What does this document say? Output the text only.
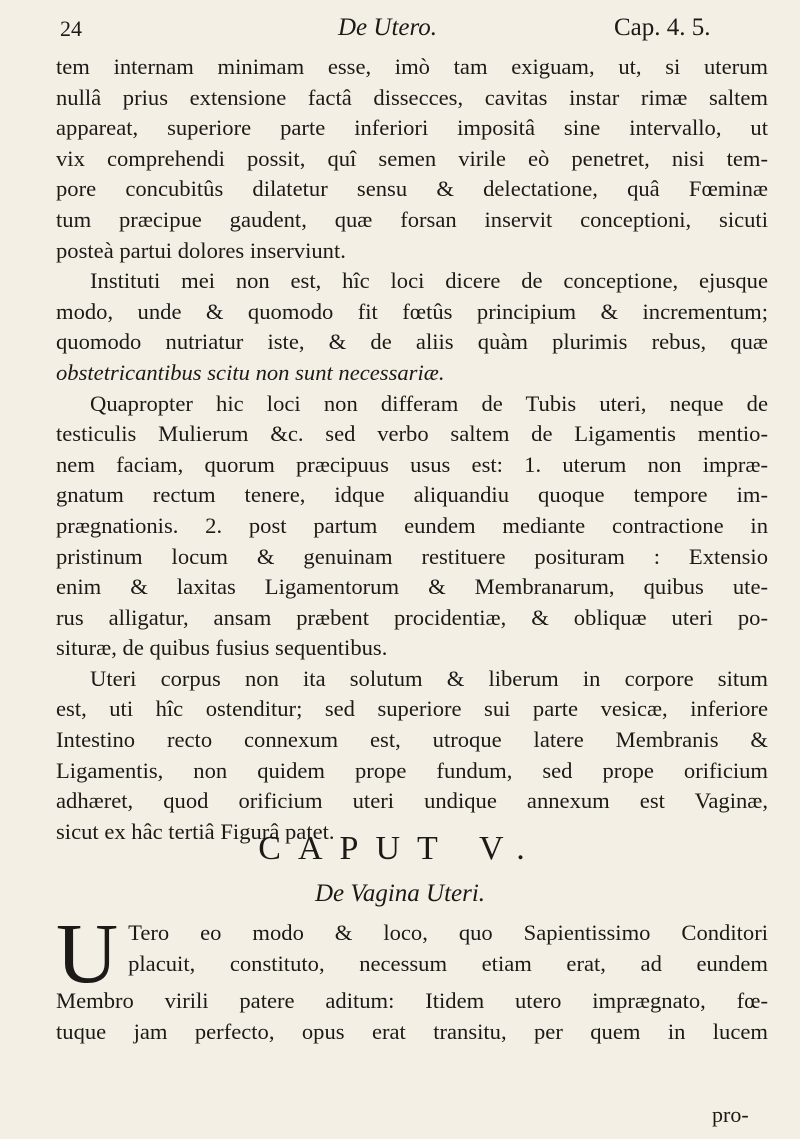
24	De Utero.	Cap. 4. 5.
tem internam minimam esse, imò tam exiguam, ut, si uterum
nullâ prius extensione factâ dissecces, cavitas instar rimæ saltem
appareat, superiore parte inferiori impositâ sine intervallo, ut
vix comprehendi possit, quî semen virile eò penetret, nisi tem-
pore concubitûs dilatetur sensu & delectatione, quâ Fœminæ
tum præcipue gaudent, quæ forsan inservit conceptioni, sicuti
posteà partui dolores inserviunt.
Instituti mei non est, hîc loci dicere de conceptione, ejusque
modo, unde & quomodo fit fœtûs principium & incrementum;
quomodo nutriatur iste, & de aliis quàm plurimis rebus, quæ
obstetricantibus scitu non sunt necessariæ.
Quapropter hic loci non differam de Tubis uteri, neque de
testiculis Mulierum &c. sed verbo saltem de Ligamentis mentio-
nem faciam, quorum præcipuus usus est: 1. uterum non impræ-
gnatum rectum tenere, idque aliquandiu quoque tempore im-
prægnationis. 2. post partum eundem mediante contractione in
pristinum locum & genuinam restituere posituram : Extensio
enim & laxitas Ligamentorum & Membranarum, quibus ute-
rus alligatur, ansam præbent procidentiæ, & obliquæ uteri po-
situræ, de quibus fusius sequentibus.
Uteri corpus non ita solutum & liberum in corpore situm
est, uti hîc ostenditur; sed superiore sui parte vesicæ, inferiore
Intestino recto connexum est, utroque latere Membranis &
Ligamentis, non quidem prope fundum, sed prope orificium
adhæret, quod orificium uteri undique annexum est Vaginæ,
sicut ex hâc tertiâ Figurâ patet.
CAPUT V.
De Vagina Uteri.
U Tero eo modo & loco, quo Sapientissimo Conditori
placuit, constituto, necessum etiam erat, ad eundem
Membro virili patere aditum: Itidem utero imprægnato, fœ-
tuque jam perfecto, opus erat transitu, per quem in lucem
pro-
